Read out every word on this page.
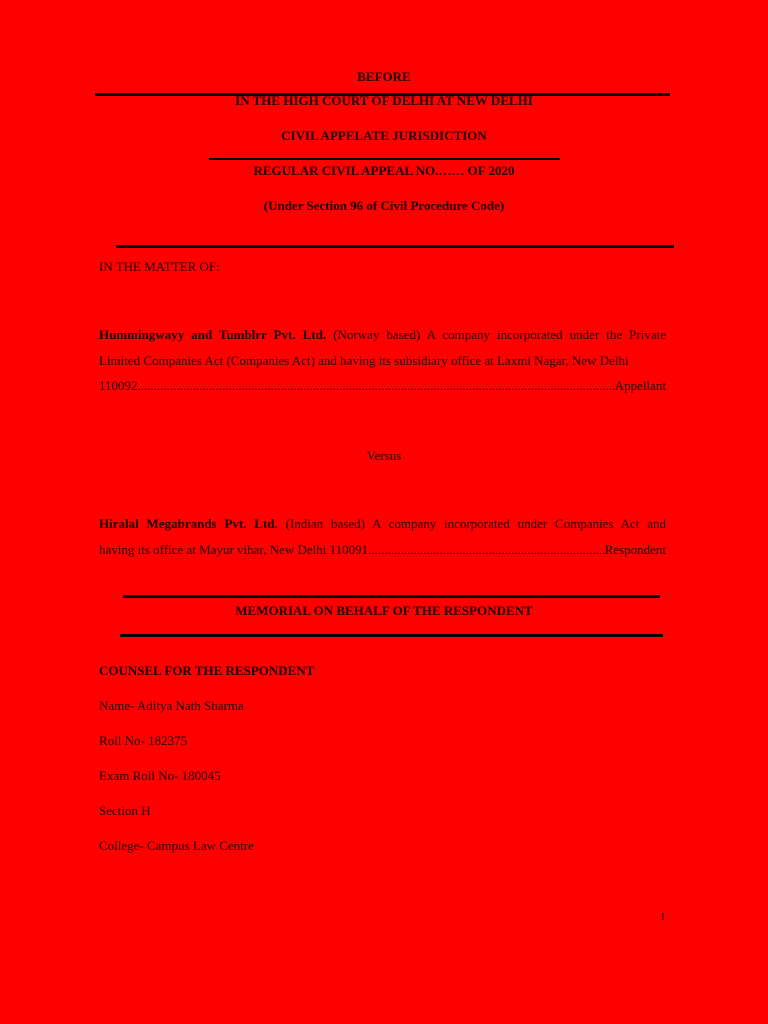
BEFORE
IN THE HIGH COURT OF DELHI AT NEW DELHI
CIVIL APPELATE JURISDICTION
REGULAR CIVIL APPEAL NO.…… OF 2020
(Under Section 96 of Civil Procedure Code)
IN THE MATTER OF:
Hummingwayy and Tumblrr Pvt. Ltd. (Norway based) A company incorporated under the Private
Limited Companies Act (Companies Act) and having its subsidiary office at Laxmi Nagar, New Delhi
110092 .....	Appellant
Versus
Hiralal Megabrands Pvt. Ltd. (Indian based) A company incorporated under Companies Act and
having its office at Mayur vihar, New Delhi 110091 .....	Respondent
MEMORIAL ON BEHALF OF THE RESPONDENT
COUNSEL FOR THE RESPONDENT
Name- Aditya Nath Sharma
Roll No- 182375
Exam Roll No- 180045
Section H
College- Campus Law Centre
1
